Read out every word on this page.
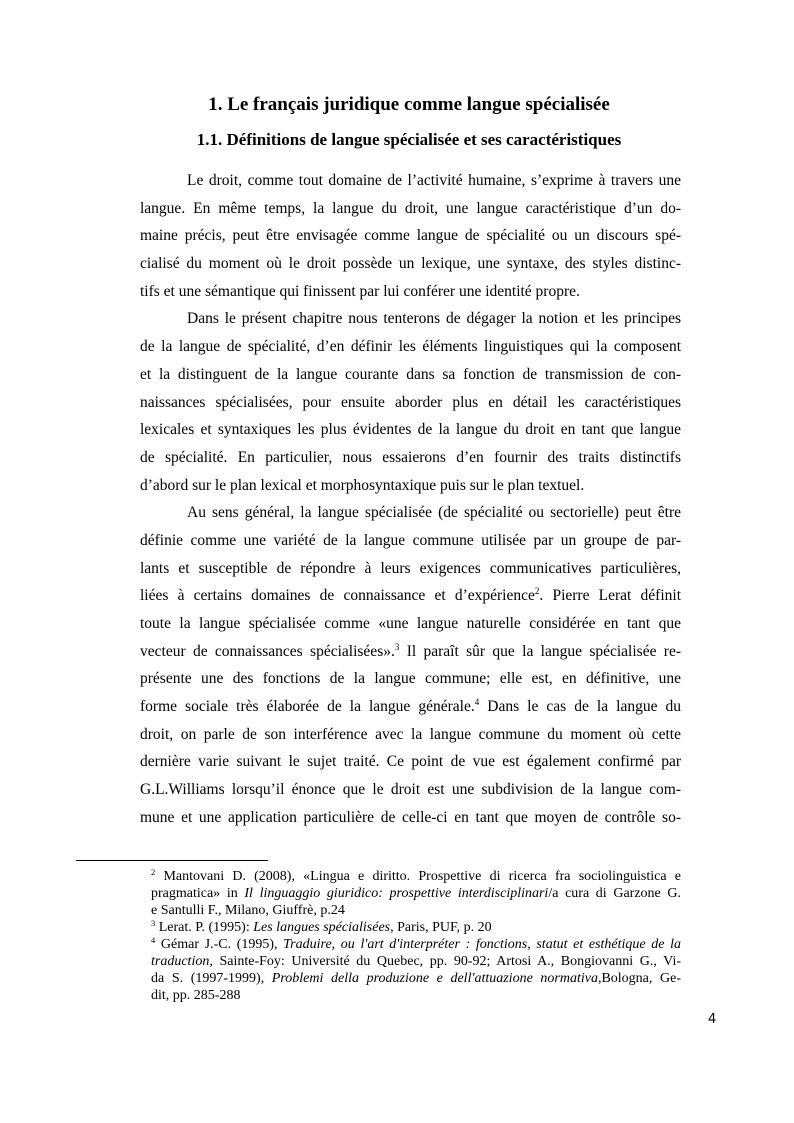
1. Le français juridique comme langue spécialisée
1.1. Définitions de langue spécialisée et ses caractéristiques
Le droit, comme tout domaine de l’activité humaine, s’exprime à travers une
langue. En même temps, la langue du droit, une langue caractéristique d’un do-
maine précis, peut être envisagée comme langue de spécialité ou un discours spé-
cialisé du moment où le droit possède un lexique, une syntaxe, des styles distinc-
tifs et une sémantique qui finissent par lui conférer une identité propre.
Dans le présent chapitre nous tenterons de dégager la notion et les principes
de la langue de spécialité, d’en définir les éléments linguistiques qui la composent
et la distinguent de la langue courante dans sa fonction de transmission de con-
naissances spécialisées, pour ensuite aborder plus en détail les caractéristiques
lexicales et syntaxiques les plus évidentes de la langue du droit en tant que langue
de spécialité. En particulier, nous essaierons d’en fournir des traits distinctifs
d’abord sur le plan lexical et morphosyntaxique puis sur le plan textuel.
Au sens général, la langue spécialisée (de spécialité ou sectorielle) peut être
définie comme une variété de la langue commune utilisée par un groupe de par-
lants et susceptible de répondre à leurs exigences communicatives particulières,
liées à certains domaines de connaissance et d’expérience$^2$. Pierre Lerat définit
toute la langue spécialisée comme «une langue naturelle considérée en tant que
vecteur de connaissances spécialisées».$^3$ Il paraît sûr que la langue spécialisée re-
présente une des fonctions de la langue commune; elle est, en définitive, une
forme sociale très élaborée de la langue générale.$^4$ Dans le cas de la langue du
droit, on parle de son interférence avec la langue commune du moment où cette
dernière varie suivant le sujet traité. Ce point de vue est également confirmé par
G.L.Williams lorsqu’il énonce que le droit est une subdivision de la langue com-
mune et une application particulière de celle-ci en tant que moyen de contrôle so-
$^2$ Mantovani D. (2008), «Lingua e diritto. Prospettive di ricerca fra sociolinguistica e
pragmatica» in Il linguaggio giuridico: prospettive interdisciplinari/a cura di Garzone G.
e Santulli F., Milano, Giuffrè, p.24
$^3$ Lerat. P. (1995): Les langues spécialisées, Paris, PUF, p. 20
$^4$ Gémar J.-C. (1995), Traduire, ou l'art d'interpréter : fonctions, statut et esthétique de la
traduction, Sainte-Foy: Université du Quebec, pp. 90-92; Artosi A., Bongiovanni G., Vi-
da S. (1997-1999), Problemi della produzione e dell'attuazione normativa,Bologna, Ge-
dit, pp. 285-288
4
